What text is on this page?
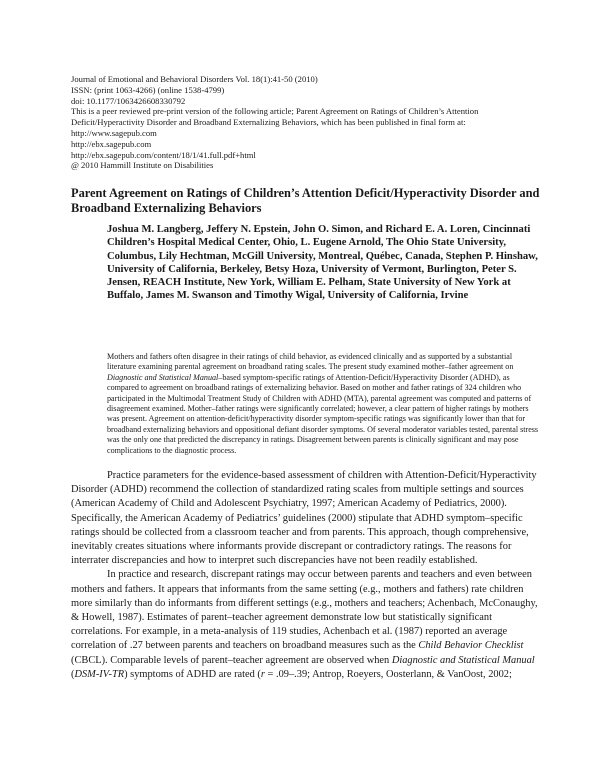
Journal of Emotional and Behavioral Disorders Vol. 18(1):41-50 (2010)
ISSN: (print 1063-4266) (online 1538-4799)
doi: 10.1177/1063426608330792
This is a peer reviewed pre-print version of the following article; Parent Agreement on Ratings of Children’s Attention Deficit/Hyperactivity Disorder and Broadband Externalizing Behaviors, which has been published in final form at:
http://www.sagepub.com
http://ebx.sagepub.com
http://ebx.sagepub.com/content/18/1/41.full.pdf+html
@ 2010 Hammill Institute on Disabilities
Parent Agreement on Ratings of Children’s Attention Deficit/Hyperactivity Disorder and Broadband Externalizing Behaviors
Joshua M. Langberg, Jeffery N. Epstein, John O. Simon, and Richard E. A. Loren, Cincinnati Children’s Hospital Medical Center, Ohio, L. Eugene Arnold, The Ohio State University, Columbus, Lily Hechtman, McGill University, Montreal, Québec, Canada, Stephen P. Hinshaw, University of California, Berkeley, Betsy Hoza, University of Vermont, Burlington, Peter S. Jensen, REACH Institute, New York, William E. Pelham, State University of New York at Buffalo, James M. Swanson and Timothy Wigal, University of California, Irvine
Mothers and fathers often disagree in their ratings of child behavior, as evidenced clinically and as supported by a substantial literature examining parental agreement on broadband rating scales. The present study examined mother–father agreement on Diagnostic and Statistical Manual–based symptom-specific ratings of Attention-Deficit/Hyperactivity Disorder (ADHD), as compared to agreement on broadband ratings of externalizing behavior. Based on mother and father ratings of 324 children who participated in the Multimodal Treatment Study of Children with ADHD (MTA), parental agreement was computed and patterns of disagreement examined. Mother–father ratings were significantly correlated; however, a clear pattern of higher ratings by mothers was present. Agreement on attention-deficit/hyperactivity disorder symptom-specific ratings was significantly lower than that for broadband externalizing behaviors and oppositional defiant disorder symptoms. Of several moderator variables tested, parental stress was the only one that predicted the discrepancy in ratings. Disagreement between parents is clinically significant and may pose complications to the diagnostic process.

Practice parameters for the evidence-based assessment of children with Attention-Deficit/Hyperactivity Disorder (ADHD) recommend the collection of standardized rating scales from multiple settings and sources (American Academy of Child and Adolescent Psychiatry, 1997; American Academy of Pediatrics, 2000). Specifically, the American Academy of Pediatrics’ guidelines (2000) stipulate that ADHD symptom–specific ratings should be collected from a classroom teacher and from parents. This approach, though comprehensive, inevitably creates situations where informants provide discrepant or contradictory ratings. The reasons for interrater discrepancies and how to interpret such discrepancies have not been readily established.

In practice and research, discrepant ratings may occur between parents and teachers and even between mothers and fathers. It appears that informants from the same setting (e.g., mothers and fathers) rate children more similarly than do informants from different settings (e.g., mothers and teachers; Achenbach, McConaughy, & Howell, 1987). Estimates of parent–teacher agreement demonstrate low but statistically significant correlations. For example, in a meta-analysis of 119 studies, Achenbach et al. (1987) reported an average correlation of .27 between parents and teachers on broadband measures such as the Child Behavior Checklist (CBCL). Comparable levels of parent–teacher agreement are observed when Diagnostic and Statistical Manual (DSM-IV-TR) symptoms of ADHD are rated (r = .09–.39; Antrop, Roeyers, Oosterlann, & VanOost, 2002;
